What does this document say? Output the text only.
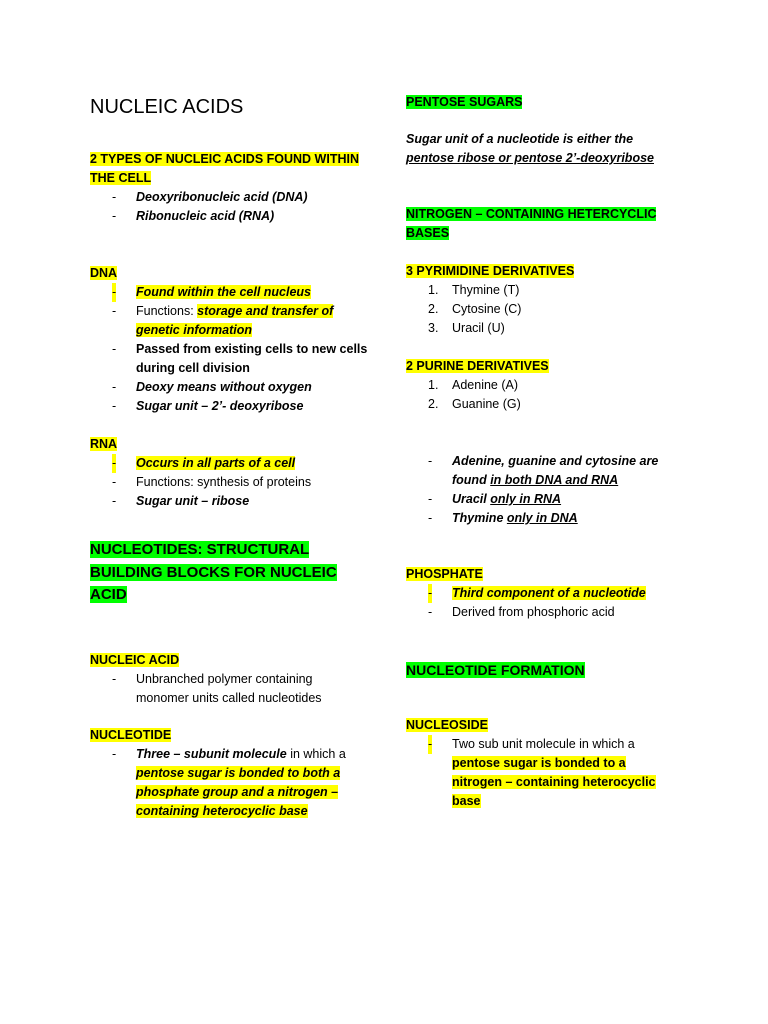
NUCLEIC ACIDS
2 TYPES OF NUCLEIC ACIDS FOUND WITHIN THE CELL
- Deoxyribonucleic acid (DNA)
- Ribonucleic acid (RNA)
DNA
- Found within the cell nucleus
- Functions: storage and transfer of genetic information
- Passed from existing cells to new cells during cell division
- Deoxy means without oxygen
- Sugar unit – 2’- deoxyribose
RNA
- Occurs in all parts of a cell
- Functions: synthesis of proteins
- Sugar unit – ribose
NUCLEOTIDES: STRUCTURAL BUILDING BLOCKS FOR NUCLEIC ACID
NUCLEIC ACID
- Unbranched polymer containing monomer units called nucleotides
NUCLEOTIDE
- Three – subunit molecule in which a pentose sugar is bonded to both a phosphate group and a nitrogen – containing heterocyclic base
PENTOSE SUGARS
Sugar unit of a nucleotide is either the
pentose ribose or pentose 2’-deoxyribose
NITROGEN – CONTAINING HETERCYCLIC BASES
3 PYRIMIDINE DERIVATIVES
1. Thymine (T)
2. Cytosine (C)
3. Uracil (U)
2 PURINE DERIVATIVES
1. Adenine (A)
2. Guanine (G)
- Adenine, guanine and cytosine are found in both DNA and RNA
- Uracil only in RNA
- Thymine only in DNA
PHOSPHATE
- Third component of a nucleotide
- Derived from phosphoric acid
NUCLEOTIDE FORMATION
NUCLEOSIDE
- Two sub unit molecule in which a pentose sugar is bonded to a nitrogen – containing heterocyclic base
